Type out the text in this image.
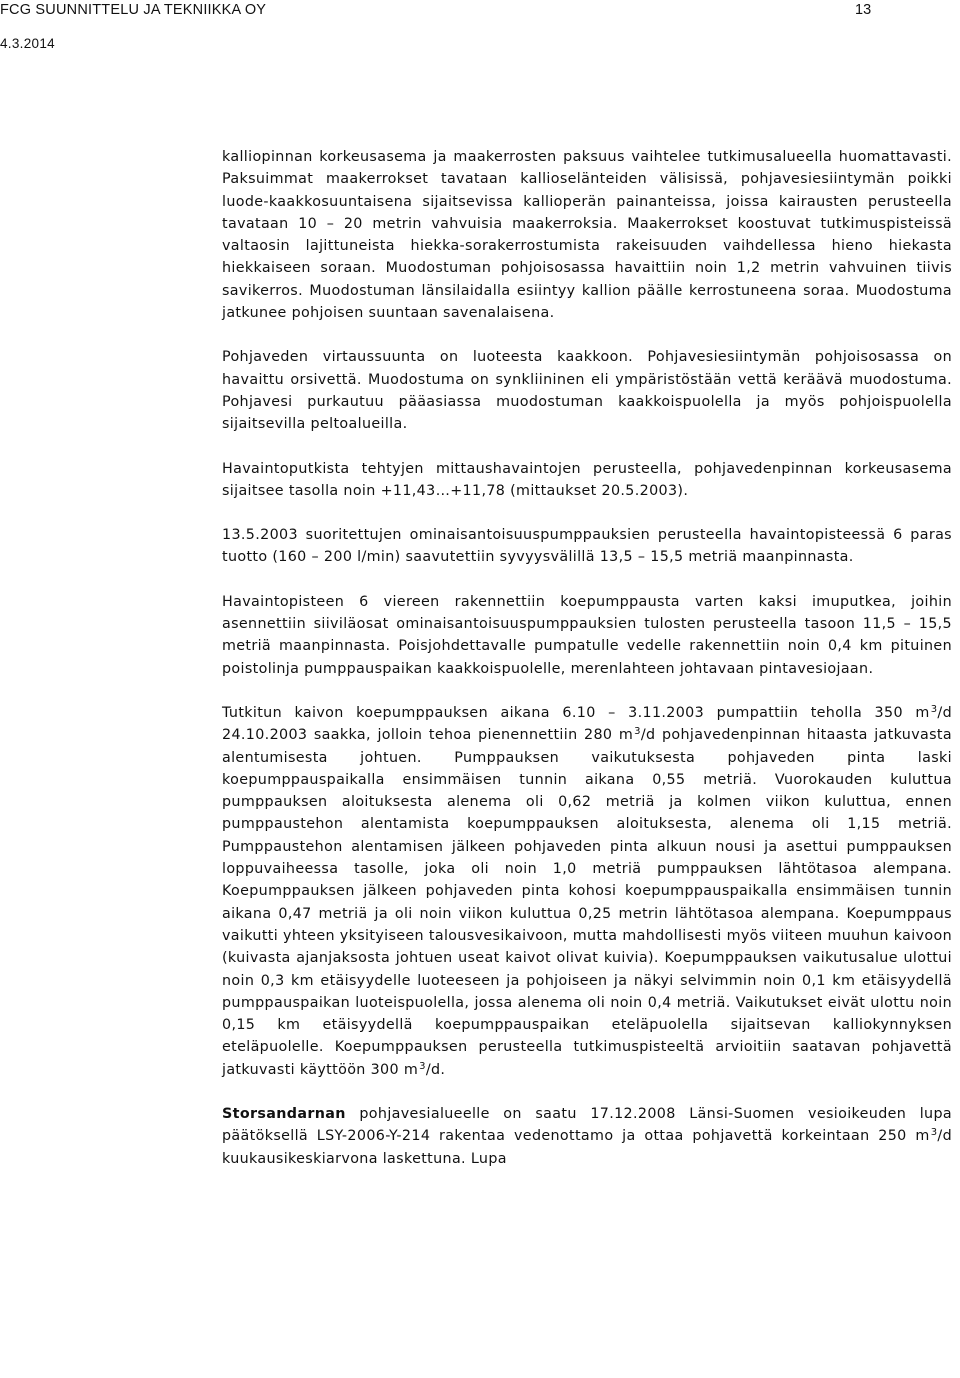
FCG SUUNNITTELU JA TEKNIIKKA OY
4.3.2014
13

kalliopinnan korkeusasema ja maakerrosten paksuus vaihtelee tutkimusalueella huomattavasti. Paksuimmat maakerrokset tavataan kallioselänteiden välisissä, pohjavesiesiintymän poikki luode-kaakkosuuntaisena sijaitsevissa kallioperän painanteissa, joissa kairausten perusteella tavataan 10 – 20 metrin vahvuisia maakerroksia. Maakerrokset koostuvat tutkimuspisteissä valtaosin lajittuneista hiekka-sorakerrostumista rakeisuuden vaihdellessa hieno hiekasta hiekkaiseen soraan. Muodostuman pohjoisosassa havaittiin noin 1,2 metrin vahvuinen tiivis savikerros. Muodostuman länsilaidalla esiintyy kallion päälle kerrostuneena soraa. Muodostuma jatkunee pohjoisen suuntaan savenalaisena.

Pohjaveden virtaussuunta on luoteesta kaakkoon. Pohjavesiesiintymän pohjoisosassa on havaittu orsivettä. Muodostuma on synkliininen eli ympäristöstään vettä keräävä muodostuma. Pohjavesi purkautuu pääasiassa muodostuman kaakkoispuolella ja myös pohjoispuolella sijaitsevilla peltoalueilla.

Havaintoputkista tehtyjen mittaushavaintojen perusteella, pohjavedenpinnan korkeusasema sijaitsee tasolla noin +11,43…+11,78 (mittaukset 20.5.2003).

13.5.2003 suoritettujen ominaisantoisuuspumppauksien perusteella havaintopisteessä 6 paras tuotto (160 – 200 l/min) saavutettiin syvyysvälillä 13,5 – 15,5 metriä maanpinnasta.

Havaintopisteen 6 viereen rakennettiin koepumppausta varten kaksi imuputkea, joihin asennettiin siiviläosat ominaisantoisuuspumppauksien tulosten perusteella tasoon 11,5 – 15,5 metriä maanpinnasta. Poisjohdettavalle pumpatulle vedelle rakennettiin noin 0,4 km pituinen poistolinja pumppauspaikan kaakkoispuolelle, merenlahteen johtavaan pintavesiojaan.

Tutkitun kaivon koepumppauksen aikana 6.10 – 3.11.2003 pumpattiin teholla 350 $m^3/d$ 24.10.2003 saakka, jolloin tehoa pienennettiin 280 $m^3/d$ pohjavedenpinnan hitaasta jatkuvasta alentumisesta johtuen. Pumppauksen vaikutuksesta pohjaveden pinta laski koepumppauspaikalla ensimmäisen tunnin aikana 0,55 metriä. Vuorokauden kuluttua pumppauksen aloituksesta alenema oli 0,62 metriä ja kolmen viikon kuluttua, ennen pumppaustehon alentamista koepumppauksen aloituksesta, alenema oli 1,15 metriä. Pumppaustehon alentamisen jälkeen pohjaveden pinta alkuun nousi ja asettui pumppauksen loppuvaiheessa tasolle, joka oli noin 1,0 metriä pumppauksen lähtötasoa alempana. Koepumppauksen jälkeen pohjaveden pinta kohosi koepumppauspaikalla ensimmäisen tunnin aikana 0,47 metriä ja oli noin viikon kuluttua 0,25 metrin lähtötasoa alempana. Koepumppaus vaikutti yhteen yksityiseen talousvesikaivoon, mutta mahdollisesti myös viiteen muuhun kaivoon (kuivasta ajanjaksosta johtuen useat kaivot olivat kuivia). Koepumppauksen vaikutusalue ulottui noin 0,3 km etäisyydelle luoteeseen ja pohjoiseen ja näkyi selvimmin noin 0,1 km etäisyydellä pumppauspaikan luoteispuolella, jossa alenema oli noin 0,4 metriä. Vaikutukset eivät ulottu noin 0,15 km etäisyydellä koepumppauspaikan eteläpuolella sijaitsevan kalliokynnyksen eteläpuolelle. Koepumppauksen perusteella tutkimuspisteeltä arvioitiin saatavan pohjavettä jatkuvasti käyttöön 300 $m^3/d$.

Storsandarnan pohjavesialueelle on saatu 17.12.2008 Länsi-Suomen vesioikeuden lupa päätöksellä LSY-2006-Y-214 rakentaa vedenottamo ja ottaa pohjavettä korkeintaan 250 $m^3/d$ kuukausikeskiarvona laskettuna. Lupa
